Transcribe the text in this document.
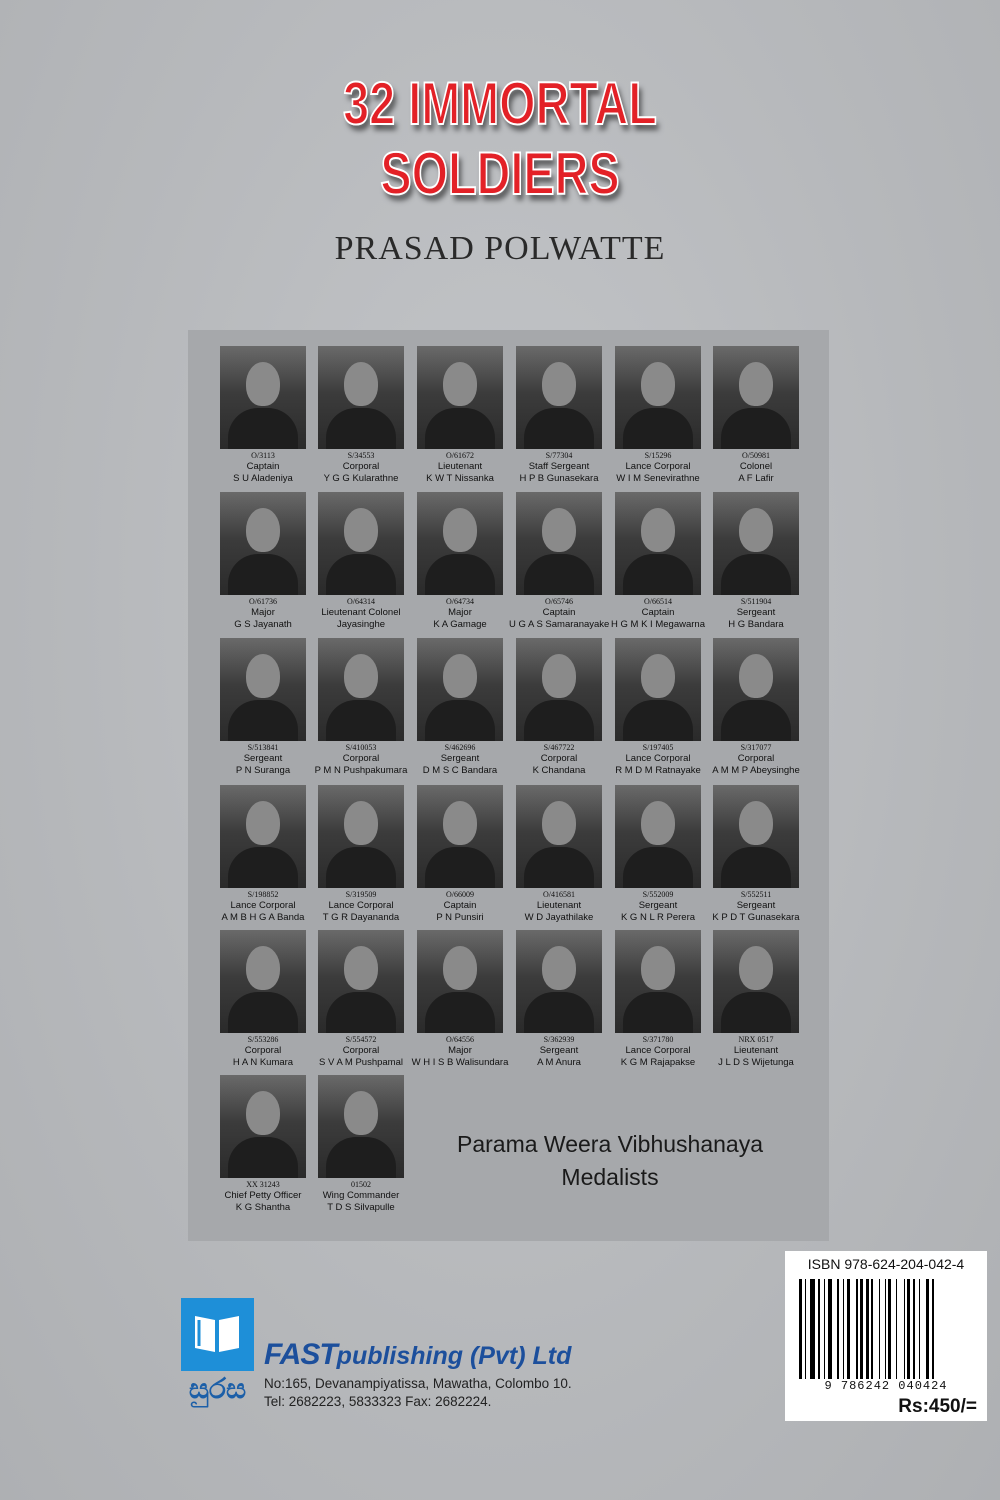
32 IMMORTAL
SOLDIERS
PRASAD POLWATTE
Parama Weera Vibhushanaya
Medalists
O/3113
Captain
S U Aladeniya
S/34553
Corporal
Y G G Kularathne
O/61672
Lieutenant
K W T Nissanka
S/77304
Staff Sergeant
H P B Gunasekara
S/15296
Lance Corporal
W I M Senevirathne
O/50981
Colonel
A F Lafir
O/61736
Major
G S Jayanath
O/64314
Lieutenant Colonel
Jayasinghe
O/64734
Major
K A Gamage
O/65746
Captain
U G A S Samaranayake
O/66514
Captain
H G M K I Megawarna
S/511904
Sergeant
H G Bandara
S/513841
Sergeant
P N Suranga
S/410053
Corporal
P M N Pushpakumara
S/462696
Sergeant
D M S C Bandara
S/467722
Corporal
K Chandana
S/197405
Lance Corporal
R M D M Ratnayake
S/317077
Corporal
A M M P Abeysinghe
S/198852
Lance Corporal
A M B H G A Banda
S/319509
Lance Corporal
T G R Dayananda
O/66009
Captain
P N Punsiri
O/416581
Lieutenant
W D Jayathilake
S/552009
Sergeant
K G N L R Perera
S/552511
Sergeant
K P D T Gunasekara
S/553286
Corporal
H A N Kumara
S/554572
Corporal
S V A M Pushpamal
O/64556
Major
W H I S B Walisundara
S/362939
Sergeant
A M Anura
S/371780
Lance Corporal
K G M Rajapakse
NRX 0517
Lieutenant
J L D S Wijetunga
XX 31243
Chief Petty Officer
K G Shantha
01502
Wing Commander
T D S Silvapulle
ISBN 978-624-204-042-4
9 786242 040424
Rs:450/=
සුරස
FASTpublishing (Pvt) Ltd
No:165, Devanampiyatissa, Mawatha, Colombo 10.
Tel: 2682223, 5833323 Fax: 2682224.
